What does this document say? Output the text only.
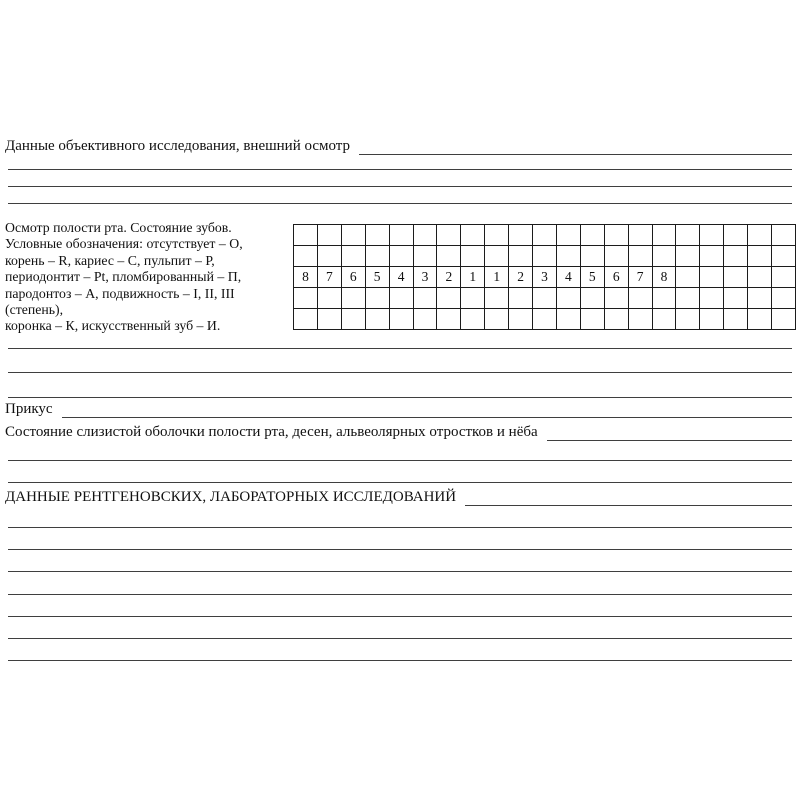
Данные объективного исследования, внешний осмотр
Осмотр полости рта. Состояние зубов.
Условные обозначения: отсутствует – О,
корень – R, кариес – С, пульпит – Р,
периодонтит – Pt, пломбированный – П,
пародонтоз – А, подвижность – I, II, III (степень),
коронка – К, искусственный зуб – И.
8	7	6	5	4	3	2	1	1	2	3	4	5	6	7	8
Прикус
Состояние слизистой оболочки полости рта, десен, альвеолярных отростков и нёба
ДАННЫЕ РЕНТГЕНОВСКИХ, ЛАБОРАТОРНЫХ ИССЛЕДОВАНИЙ
